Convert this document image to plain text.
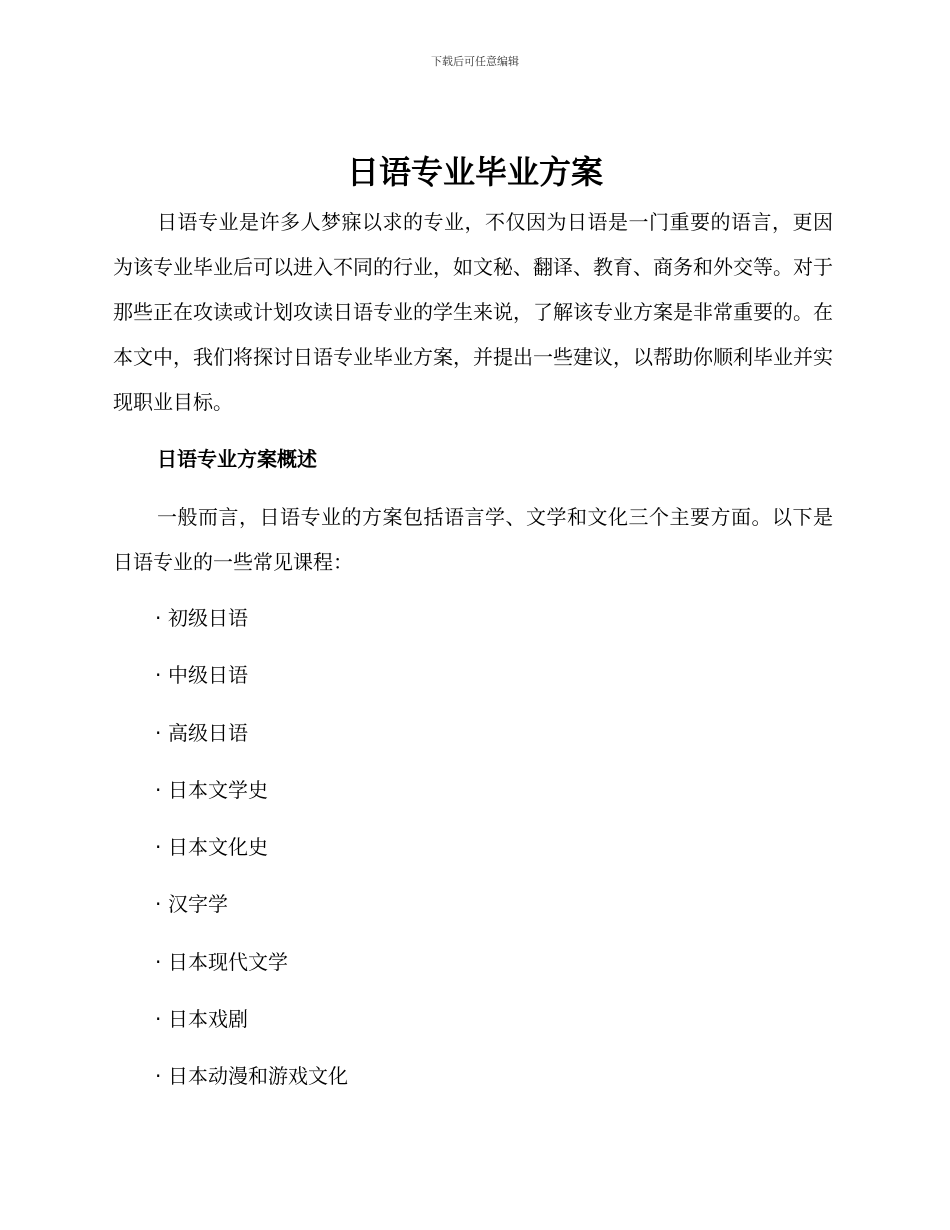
下载后可任意编辑
日语专业毕业方案

日语专业是许多人梦寐以求的专业，不仅因为日语是一门重要的语言，更因为该专业毕业后可以进入不同的行业，如文秘、翻译、教育、商务和外交等。对于那些正在攻读或计划攻读日语专业的学生来说，了解该专业方案是非常重要的。在本文中，我们将探讨日语专业毕业方案，并提出一些建议，以帮助你顺利毕业并实现职业目标。

日语专业方案概述

一般而言，日语专业的方案包括语言学、文学和文化三个主要方面。以下是日语专业的一些常见课程：

· 初级日语
· 中级日语
· 高级日语
· 日本文学史
· 日本文化史
· 汉字学
· 日本现代文学
· 日本戏剧
· 日本动漫和游戏文化
